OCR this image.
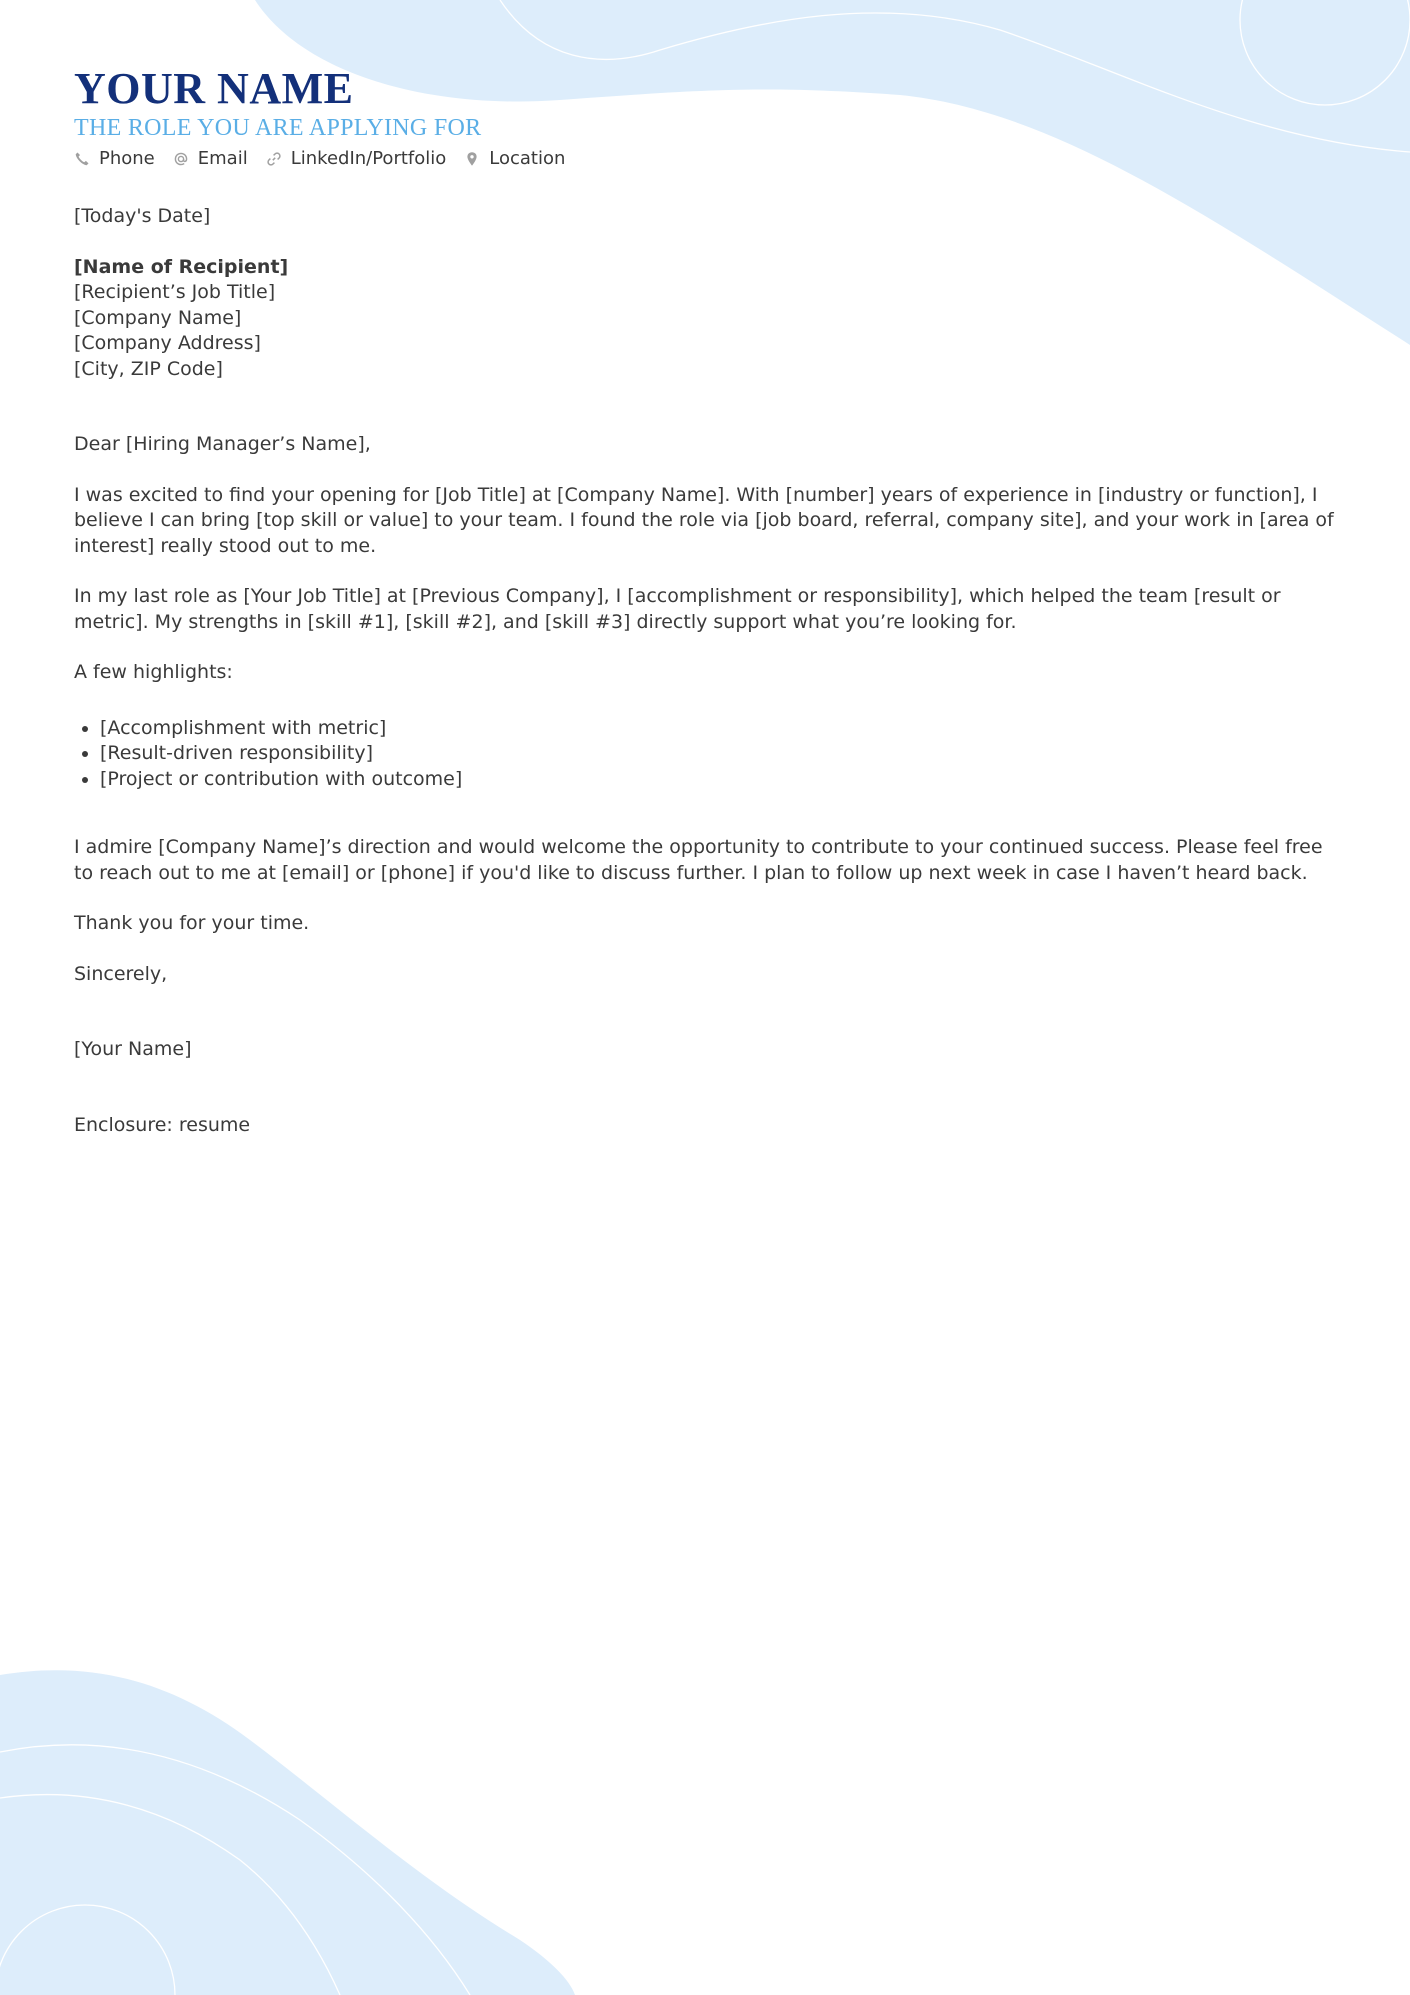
YOUR NAME
THE ROLE YOU ARE APPLYING FOR
Phone Email LinkedIn/Portfolio Location

[Today's Date]

[Name of Recipient]

[Recipient’s Job Title]

[Company Name]

[Company Address]

[City, ZIP Code]

Dear [Hiring Manager’s Name],

I was excited to find your opening for [Job Title] at [Company Name]. With [number] years of experience in [industry or function], I believe I can bring [top skill or value] to your team. I found the role via [job board, referral, company site], and your work in [area of interest] really stood out to me.

In my last role as [Your Job Title] at [Previous Company], I [accomplishment or responsibility], which helped the team [result or metric]. My strengths in [skill #1], [skill #2], and [skill #3] directly support what you’re looking for.

A few highlights:

• [Accomplishment with metric]
• [Result-driven responsibility]
• [Project or contribution with outcome]

I admire [Company Name]’s direction and would welcome the opportunity to contribute to your continued success. Please feel free to reach out to me at [email] or [phone] if you'd like to discuss further. I plan to follow up next week in case I haven’t heard back.

Thank you for your time.

Sincerely,

[Your Name]

Enclosure: resume
